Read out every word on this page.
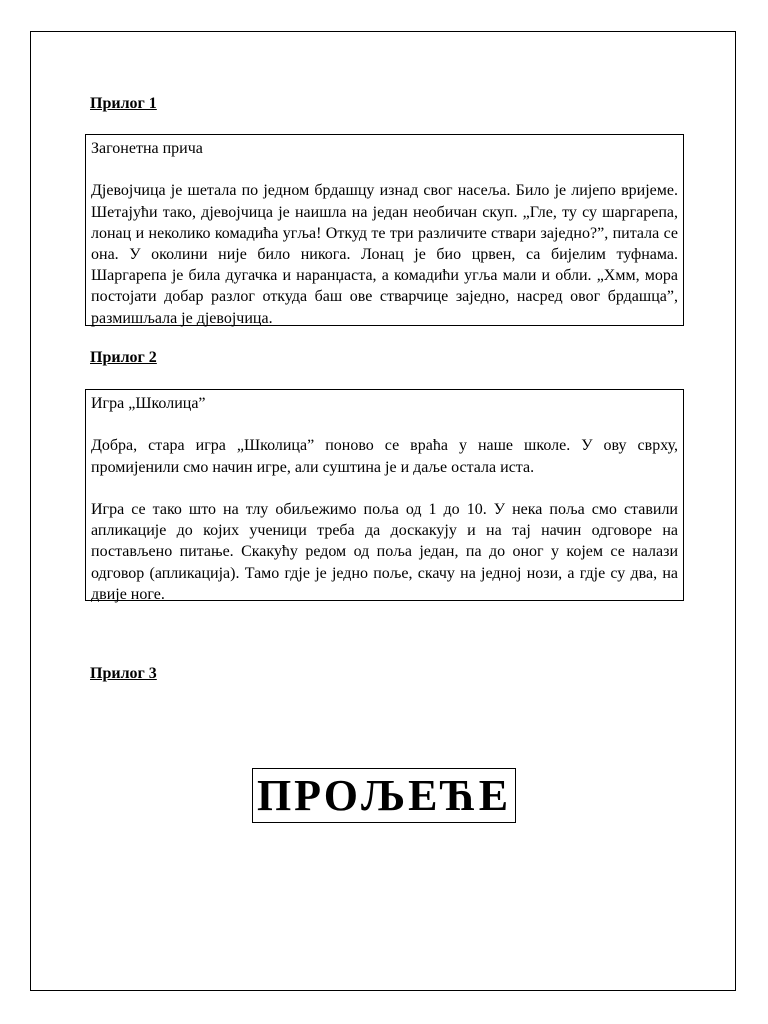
Прилог 1

Загонетна прича

Дјевојчица је шетала по једном брдашцу изнад свог насеља. Било је лијепо вријеме. Шетајући тако, дјевојчица је наишла на један необичан скуп. „Гле, ту су шаргарепа, лонац и неколико комадића угља! Откуд те три различите ствари заједно?”, питала се она. У околини није било никога. Лонац је био црвен, са бијелим туфнама. Шаргарепа је била дугачка и наранџаста, а комадићи угља мали и обли. „Хмм, мора постојати добар разлог откуда баш ове стварчице заједно, насред овог брдашца”, размишљала је дјевојчица.

Прилог 2

Игра „Школица”

Добра, стара игра „Школица” поново се враћа у наше школе. У ову сврху, промијенили смо начин игре, али суштина је и даље остала иста.

Игра се тако што на тлу обиљежимо поља од 1 до 10. У нека поља смо ставили апликације до којих ученици треба да доскакују и на тај начин одговоре на постављено питање. Скакућу редом од поља један, па до оног у којем се налази одговор (апликација). Тамо гдје је једно поље, скачу на једној нози, а гдје су два, на двије ноге.

Прилог 3
ПРОЉЕЋЕ
